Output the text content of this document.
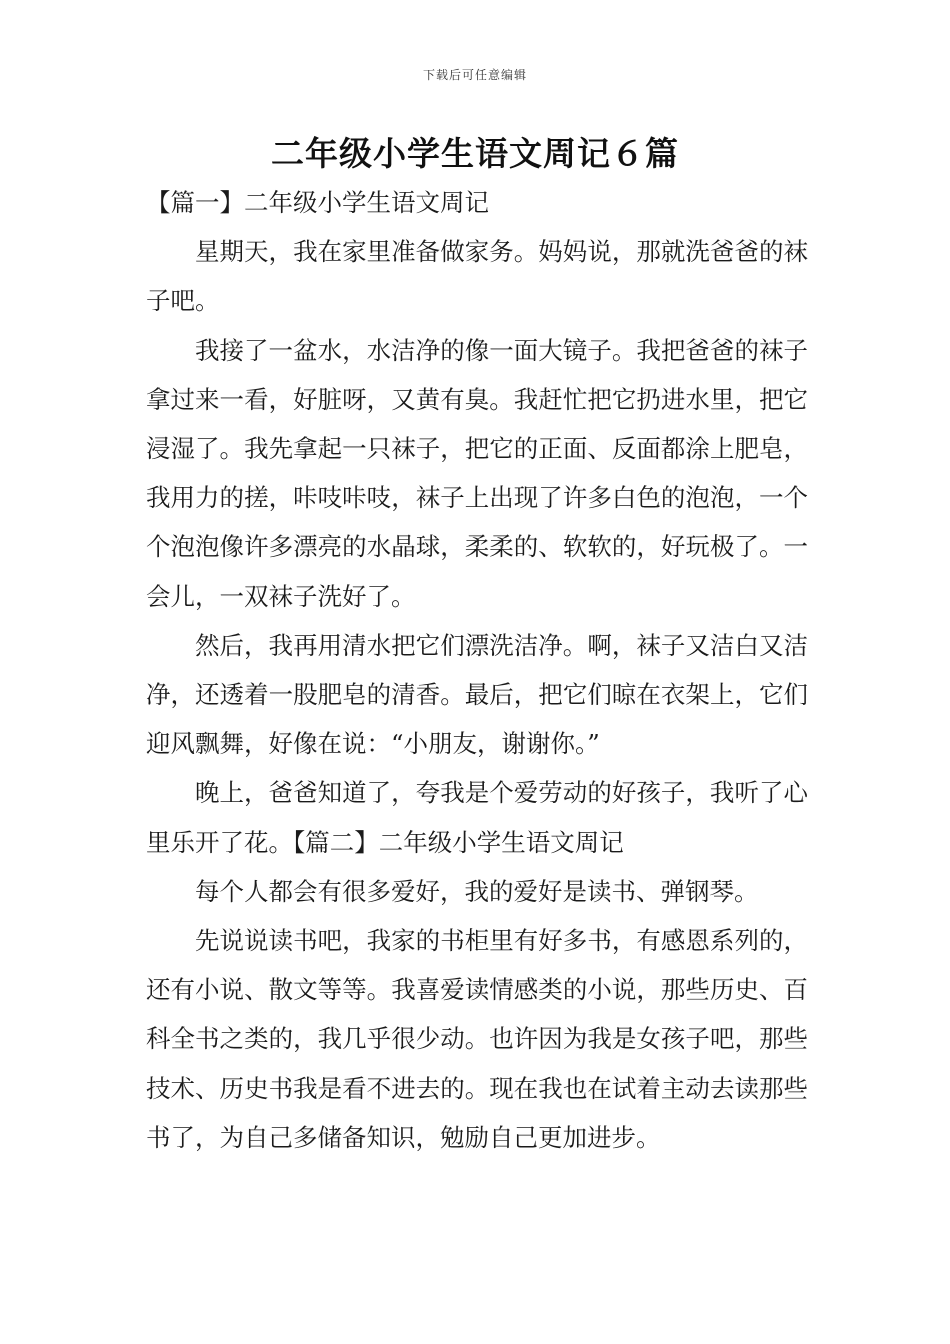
下载后可任意编辑
二年级小学生语文周记６篇

【篇一】二年级小学生语文周记

星期天，我在家里准备做家务。妈妈说，那就洗爸爸的袜子吧。

我接了一盆水，水洁净的像一面大镜子。我把爸爸的袜子拿过来一看，好脏呀，又黄有臭。我赶忙把它扔进水里，把它浸湿了。我先拿起一只袜子，把它的正面、反面都涂上肥皂，我用力的搓，咔吱咔吱，袜子上出现了许多白色的泡泡，一个个泡泡像许多漂亮的水晶球，柔柔的、软软的，好玩极了。一会儿，一双袜子洗好了。

然后，我再用清水把它们漂洗洁净。啊，袜子又洁白又洁净，还透着一股肥皂的清香。最后，把它们晾在衣架上，它们迎风飘舞，好像在说：“小朋友，谢谢你。”

晚上，爸爸知道了，夸我是个爱劳动的好孩子，我听了心里乐开了花。【篇二】二年级小学生语文周记

每个人都会有很多爱好，我的爱好是读书、弹钢琴。

先说说读书吧，我家的书柜里有好多书，有感恩系列的，还有小说、散文等等。我喜爱读情感类的小说，那些历史、百科全书之类的，我几乎很少动。也许因为我是女孩子吧，那些技术、历史书我是看不进去的。现在我也在试着主动去读那些书了，为自己多储备知识，勉励自己更加进步。
